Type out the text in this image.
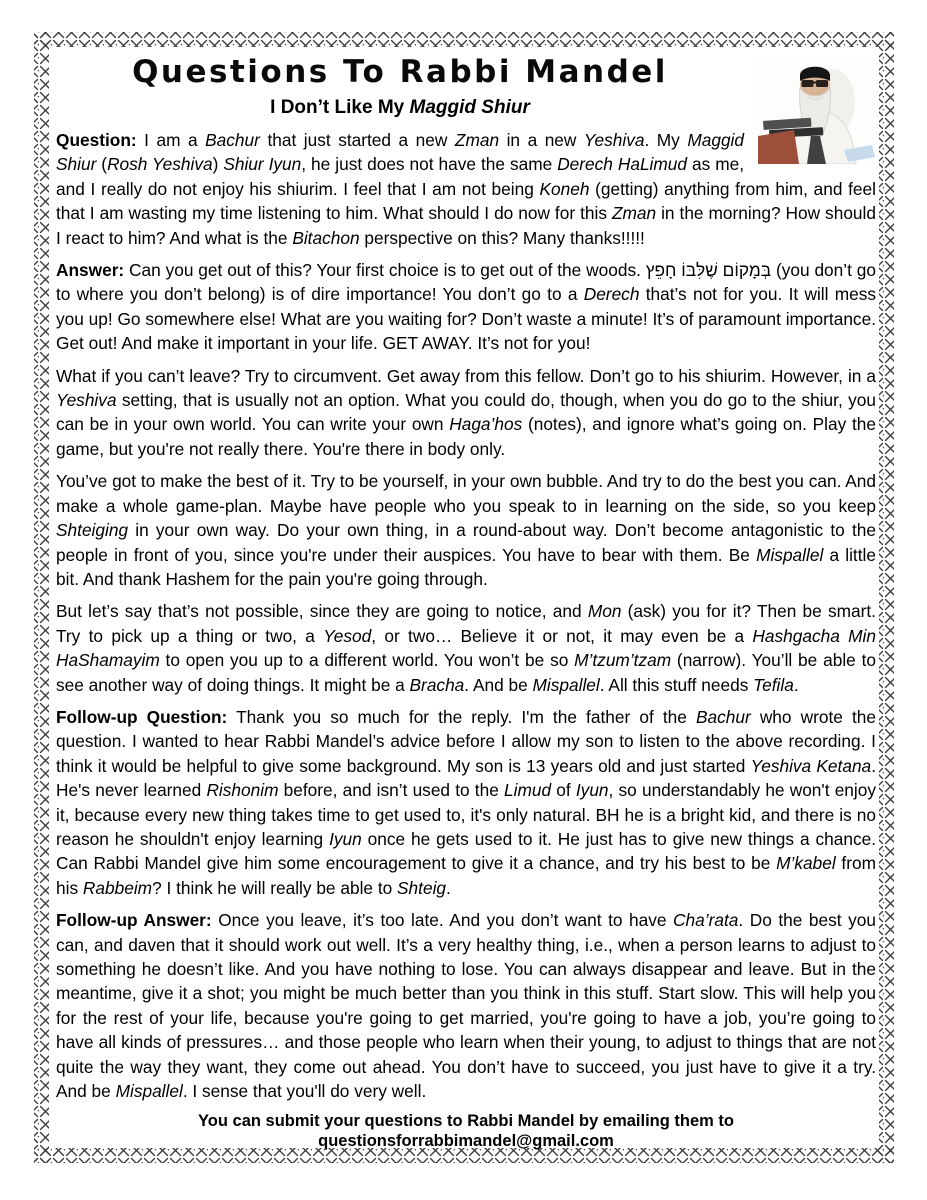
Questions To Rabbi Mandel
I Don’t Like My Maggid Shiur

Question: I am a Bachur that just started a new Zman in a new Yeshiva. My Maggid Shiur (Rosh Yeshiva) Shiur Iyun, he just does not have the same Derech HaLimud as me, and I really do not enjoy his shiurim. I feel that I am not being Koneh (getting) anything from him, and feel that I am wasting my time listening to him. What should I do now for this Zman in the morning? How should I react to him? And what is the Bitachon perspective on this? Many thanks!!!!!

Answer: Can you get out of this? Your first choice is to get out of the woods. בְּמָקוֹם שֶׁלִּבּוֹ חָפֵץ (you don’t go to where you don’t belong) is of dire importance! You don’t go to a Derech that’s not for you. It will mess you up! Go somewhere else! What are you waiting for? Don’t waste a minute! It’s of paramount importance. Get out! And make it important in your life. GET AWAY. It’s not for you!

What if you can’t leave? Try to circumvent. Get away from this fellow. Don’t go to his shiurim. However, in a Yeshiva setting, that is usually not an option. What you could do, though, when you do go to the shiur, you can be in your own world. You can write your own Haga’hos (notes), and ignore what’s going on. Play the game, but you're not really there. You're there in body only.

You’ve got to make the best of it. Try to be yourself, in your own bubble. And try to do the best you can. And make a whole game-plan. Maybe have people who you speak to in learning on the side, so you keep Shteiging in your own way. Do your own thing, in a round-about way. Don’t become antagonistic to the people in front of you, since you're under their auspices. You have to bear with them. Be Mispallel a little bit. And thank Hashem for the pain you're going through.

But let’s say that’s not possible, since they are going to notice, and Mon (ask) you for it? Then be smart. Try to pick up a thing or two, a Yesod, or two… Believe it or not, it may even be a Hashgacha Min HaShamayim to open you up to a different world. You won’t be so M’tzum’tzam (narrow). You’ll be able to see another way of doing things. It might be a Bracha. And be Mispallel. All this stuff needs Tefila.

Follow-up Question: Thank you so much for the reply. I'm the father of the Bachur who wrote the question. I wanted to hear Rabbi Mandel’s advice before I allow my son to listen to the above recording. I think it would be helpful to give some background. My son is 13 years old and just started Yeshiva Ketana. He's never learned Rishonim before, and isn’t used to the Limud of Iyun, so understandably he won't enjoy it, because every new thing takes time to get used to, it's only natural. BH he is a bright kid, and there is no reason he shouldn't enjoy learning Iyun once he gets used to it. He just has to give new things a chance. Can Rabbi Mandel give him some encouragement to give it a chance, and try his best to be M’kabel from his Rabbeim? I think he will really be able to Shteig.

Follow-up Answer: Once you leave, it’s too late. And you don’t want to have Cha’rata. Do the best you can, and daven that it should work out well. It’s a very healthy thing, i.e., when a person learns to adjust to something he doesn’t like. And you have nothing to lose. You can always disappear and leave. But in the meantime, give it a shot; you might be much better than you think in this stuff. Start slow. This will help you for the rest of your life, because you're going to get married, you're going to have a job, you’re going to have all kinds of pressures… and those people who learn when their young, to adjust to things that are not quite the way they want, they come out ahead. You don’t have to succeed, you just have to give it a try. And be Mispallel. I sense that you'll do very well.

You can submit your questions to Rabbi Mandel by emailing them to questionsforrabbimandel@gmail.com
